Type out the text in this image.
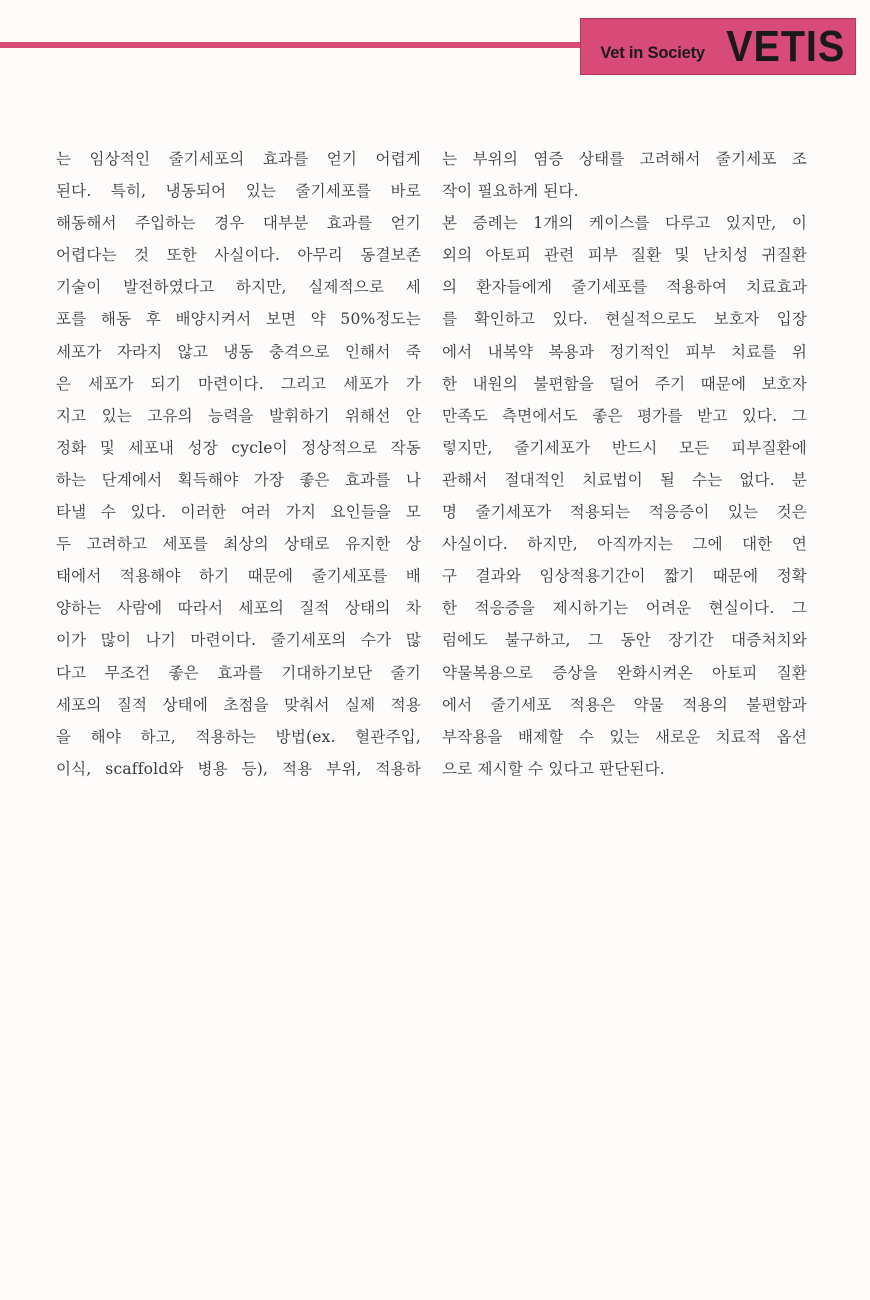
Vet in Society VETIS
는 임상적인 줄기세포의 효과를 얻기 어렵게
된다. 특히, 냉동되어 있는 줄기세포를 바로
해동해서 주입하는 경우 대부분 효과를 얻기
어렵다는 것 또한 사실이다. 아무리 동결보존
기술이 발전하였다고 하지만, 실제적으로 세
포를 해동 후 배양시켜서 보면 약 50%정도는
세포가 자라지 않고 냉동 충격으로 인해서 죽
은 세포가 되기 마련이다. 그리고 세포가 가
지고 있는 고유의 능력을 발휘하기 위해선 안
정화 및 세포내 성장 cycle이 정상적으로 작동
하는 단계에서 획득해야 가장 좋은 효과를 나
타낼 수 있다. 이러한 여러 가지 요인들을 모
두 고려하고 세포를 최상의 상태로 유지한 상
태에서 적용해야 하기 때문에 줄기세포를 배
양하는 사람에 따라서 세포의 질적 상태의 차
이가 많이 나기 마련이다. 줄기세포의 수가 많
다고 무조건 좋은 효과를 기대하기보단 줄기
세포의 질적 상태에 초점을 맞춰서 실제 적용
을 해야 하고, 적용하는 방법(ex. 혈관주입,
이식, scaffold와 병용 등), 적용 부위, 적용하
는 부위의 염증 상태를 고려해서 줄기세포 조
작이 필요하게 된다.
본 증례는 1개의 케이스를 다루고 있지만, 이
외의 아토피 관련 피부 질환 및 난치성 귀질환
의 환자들에게 줄기세포를 적용하여 치료효과
를 확인하고 있다. 현실적으로도 보호자 입장
에서 내복약 복용과 정기적인 피부 치료를 위
한 내원의 불편함을 덜어 주기 때문에 보호자
만족도 측면에서도 좋은 평가를 받고 있다. 그
렇지만, 줄기세포가 반드시 모든 피부질환에
관해서 절대적인 치료법이 될 수는 없다. 분
명 줄기세포가 적용되는 적응증이 있는 것은
사실이다. 하지만, 아직까지는 그에 대한 연
구 결과와 임상적용기간이 짧기 때문에 정확
한 적응증을 제시하기는 어려운 현실이다. 그
럼에도 불구하고, 그 동안 장기간 대증처치와
약물복용으로 증상을 완화시켜온 아토피 질환
에서 줄기세포 적용은 약물 적용의 불편함과
부작용을 배제할 수 있는 새로운 치료적 옵션
으로 제시할 수 있다고 판단된다.
